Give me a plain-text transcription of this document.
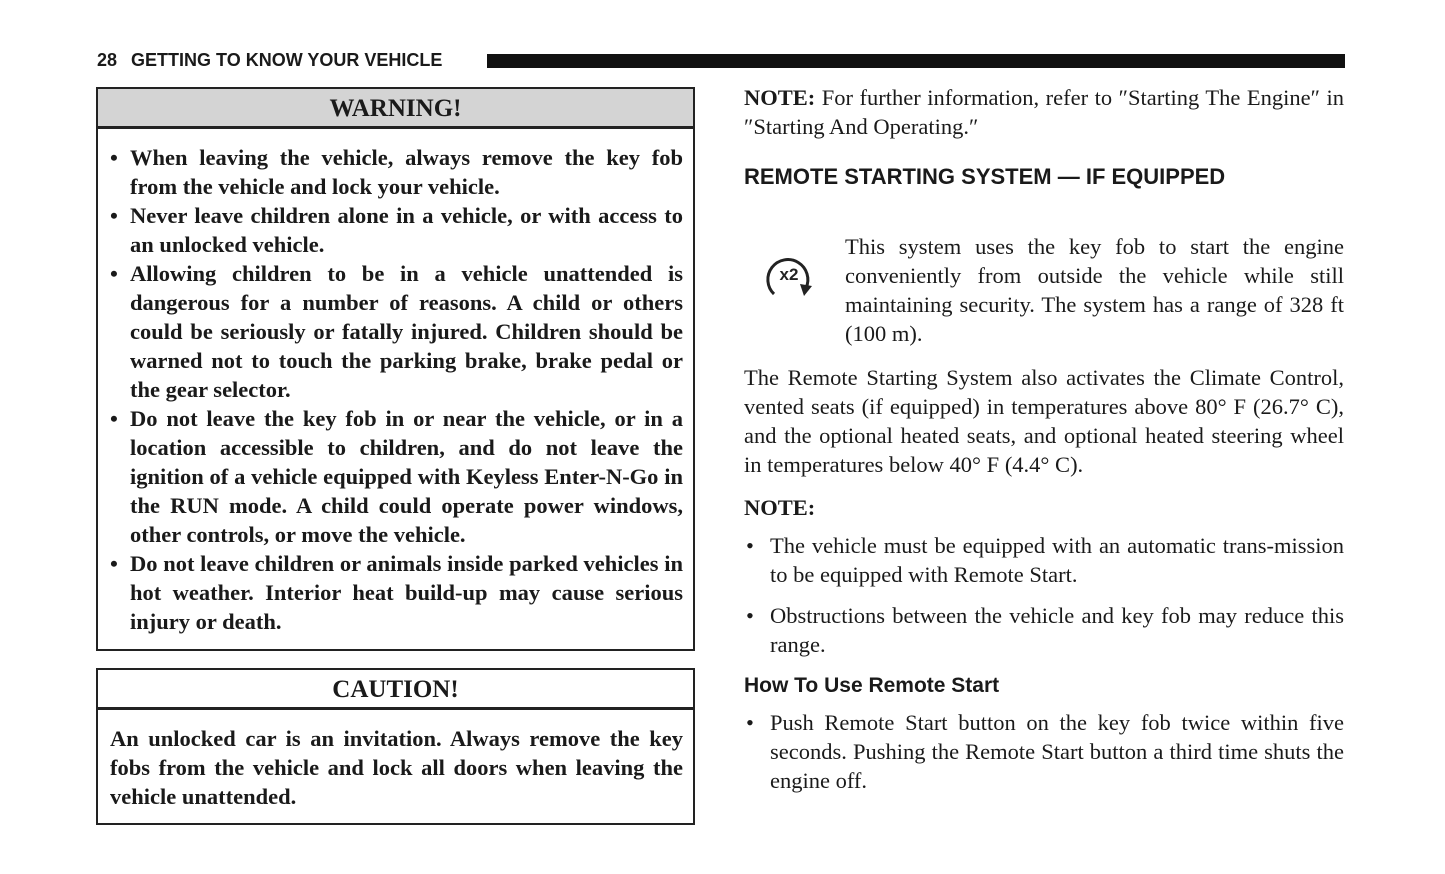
28 GETTING TO KNOW YOUR VEHICLE
WARNING!
• When leaving the vehicle, always remove the key fob from the vehicle and lock your vehicle.
• Never leave children alone in a vehicle, or with access to an unlocked vehicle.
• Allowing children to be in a vehicle unattended is dangerous for a number of reasons. A child or others could be seriously or fatally injured. Children should be warned not to touch the parking brake, brake pedal or the gear selector.
• Do not leave the key fob in or near the vehicle, or in a location accessible to children, and do not leave the ignition of a vehicle equipped with Keyless Enter-N-Go in the RUN mode. A child could operate power windows, other controls, or move the vehicle.
• Do not leave children or animals inside parked vehicles in hot weather. Interior heat build-up may cause serious injury or death.
CAUTION!

An unlocked car is an invitation. Always remove the key fobs from the vehicle and lock all doors when leaving the vehicle unattended.

NOTE: For further information, refer to ″Starting The Engine″ in ″Starting And Operating.″

REMOTE STARTING SYSTEM — IF EQUIPPED

x2

This system uses the key fob to start the engine conveniently from outside the vehicle while still maintaining security. The system has a range of 328 ft (100 m).

The Remote Starting System also activates the Climate Control, vented seats (if equipped) in temperatures above 80° F (26.7° C), and the optional heated seats, and optional heated steering wheel in temperatures below 40° F (4.4° C).

NOTE:

• The vehicle must be equipped with an automatic trans-mission to be equipped with Remote Start.
• Obstructions between the vehicle and key fob may reduce this range.

How To Use Remote Start

• Push Remote Start button on the key fob twice within five seconds. Pushing the Remote Start button a third time shuts the engine off.
